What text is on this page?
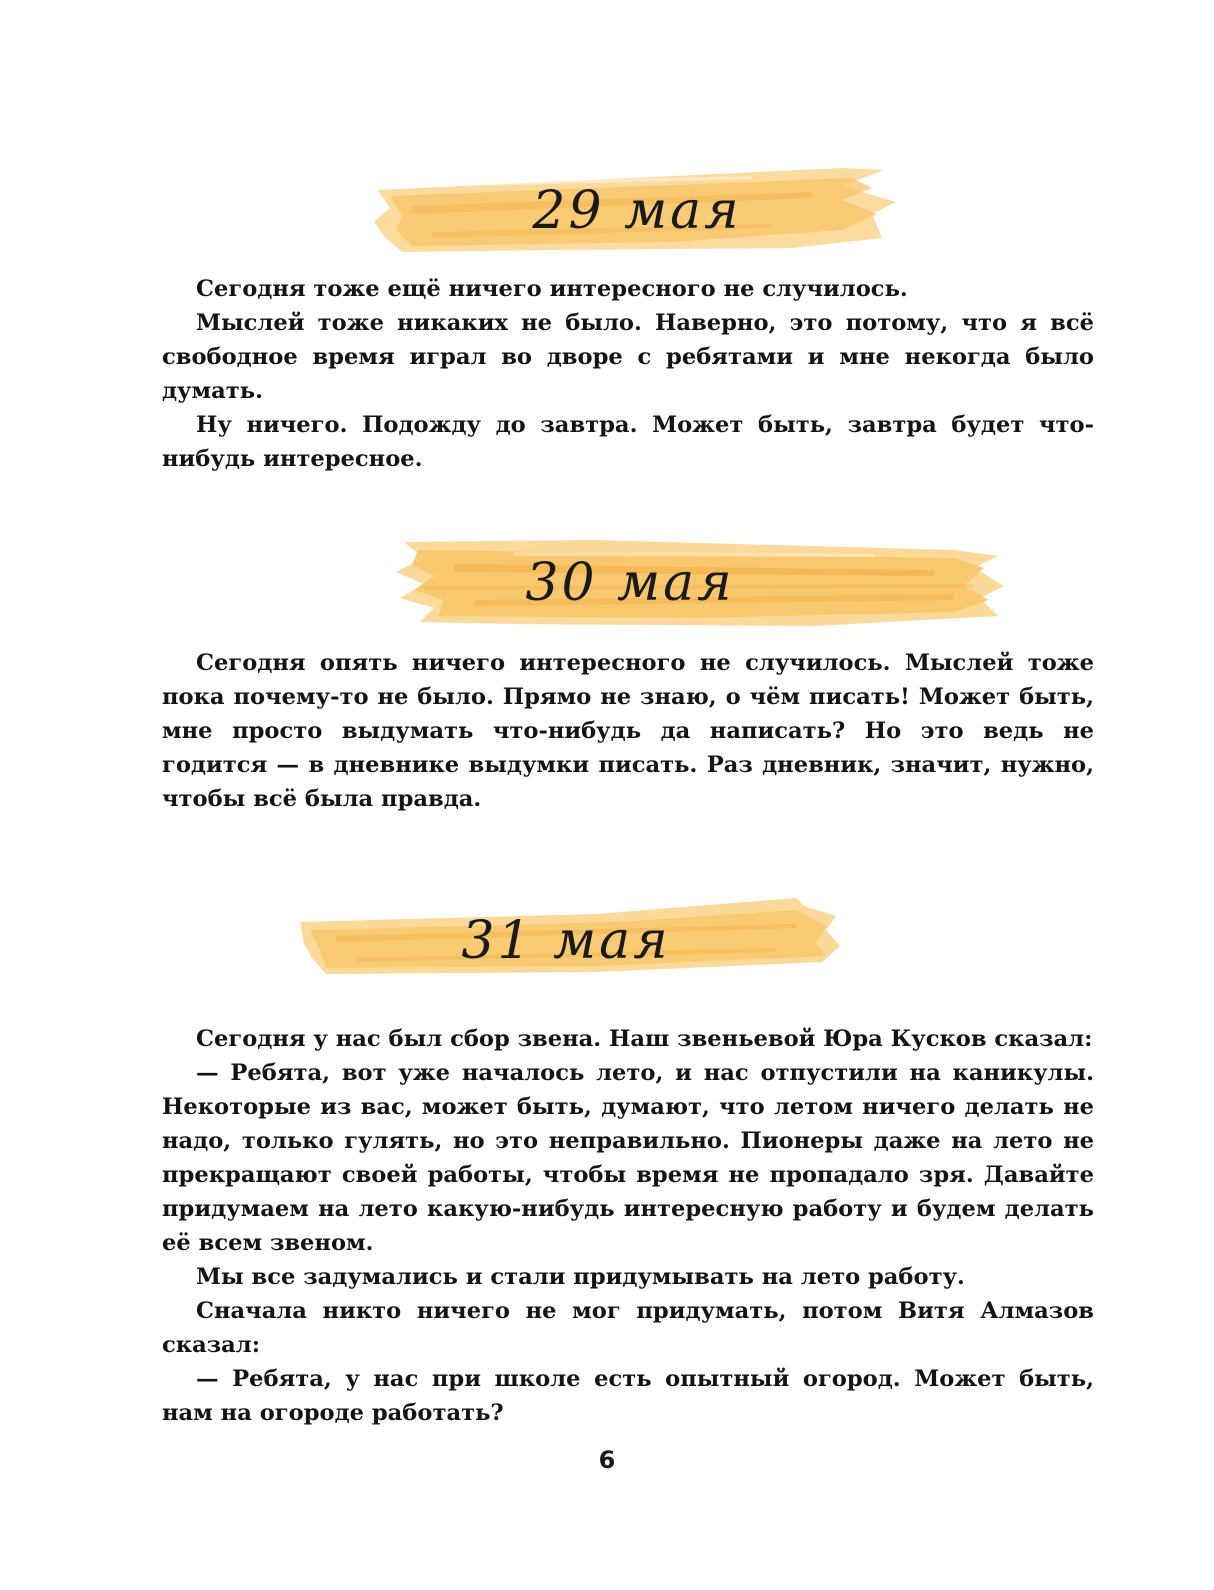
29 мая

Сегодня тоже ещё ничего интересного не случилось.

Мыслей тоже никаких не было. Наверно, это потому, что я всё свободное время играл во дворе с ребятами и мне некогда было думать.

Ну ничего. Подожду до завтра. Может быть, завтра будет что-нибудь интересное.

30 мая

Сегодня опять ничего интересного не случилось. Мыслей тоже пока почему-то не было. Прямо не знаю, о чём писать! Может быть, мне просто выдумать что-нибудь да написать? Но это ведь не годится — в дневнике выдумки писать. Раз дневник, значит, нужно, чтобы всё была правда.

31 мая

Сегодня у нас был сбор звена. Наш звеньевой Юра Кусков сказал:

— Ребята, вот уже началось лето, и нас отпустили на каникулы. Некоторые из вас, может быть, думают, что летом ничего делать не надо, только гулять, но это неправильно. Пионеры даже на лето не прекращают своей работы, чтобы время не пропадало зря. Давайте придумаем на лето какую-нибудь интересную работу и будем делать её всем звеном.

Мы все задумались и стали придумывать на лето работу.

Сначала никто ничего не мог придумать, потом Витя Алмазов сказал:

— Ребята, у нас при школе есть опытный огород. Может быть, нам на огороде работать?

6
